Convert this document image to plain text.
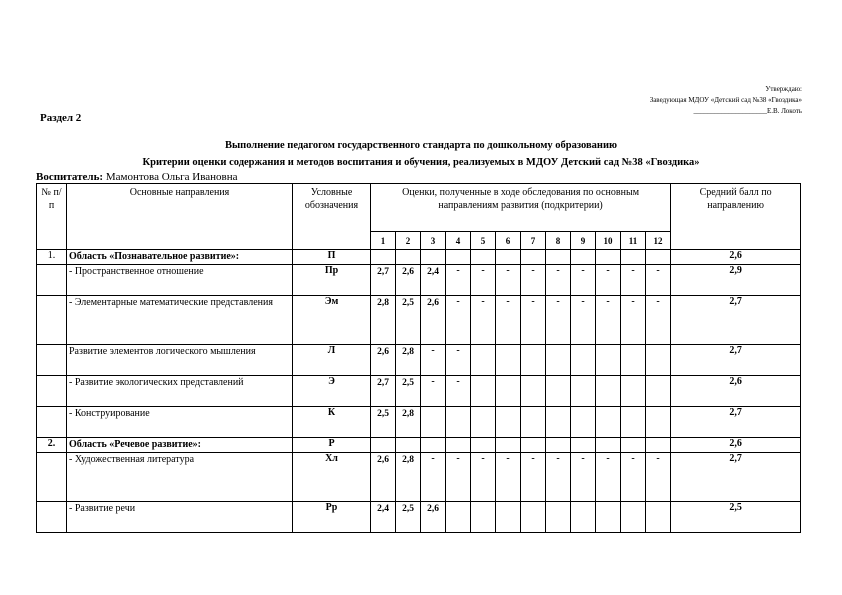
Утверждаю:
Заведующая МДОУ «Детский сад №38 «Гвоздика»
_____________________Е.В. Локоть
Раздел 2
Выполнение педагогом государственного стандарта по дошкольному образованию
Критерии оценки содержания и методов воспитания и обучения, реализуемых в МДОУ Детский сад №38 «Гвоздика»
Воспитатель: Мамонтова Ольга Ивановна
№ п/п	Основные направления	Условные обозначения	Оценки, полученные в ходе обследования по основным направлениям развития (подкритерии)												Средний балл по направлению
			1	2	3	4	5	6	7	8	9	10	11	12	
1.	Область «Познавательное развитие»:	П													2,6
	- Пространственное отношение	Пр	2,7	2,6	2,4	-	-	-	-	-	-	-	-	-	2,9
	- Элементарные математические представления	Эм	2,8	2,5	2,6	-	-	-	-	-	-	-	-	-	2,7
	Развитие элементов логического мышления	Л	2,6	2,8	-	-									2,7
	- Развитие экологических представлений	Э	2,7	2,5	-	-									2,6
	- Конструирование	К	2,5	2,8											2,7
2.	Область «Речевое развитие»:	Р													2,6
	- Художественная литература	Хл	2,6	2,8	-	-	-	-	-	-	-	-	-	-	2,7
	- Развитие речи	Рр	2,4	2,5	2,6										2,5
